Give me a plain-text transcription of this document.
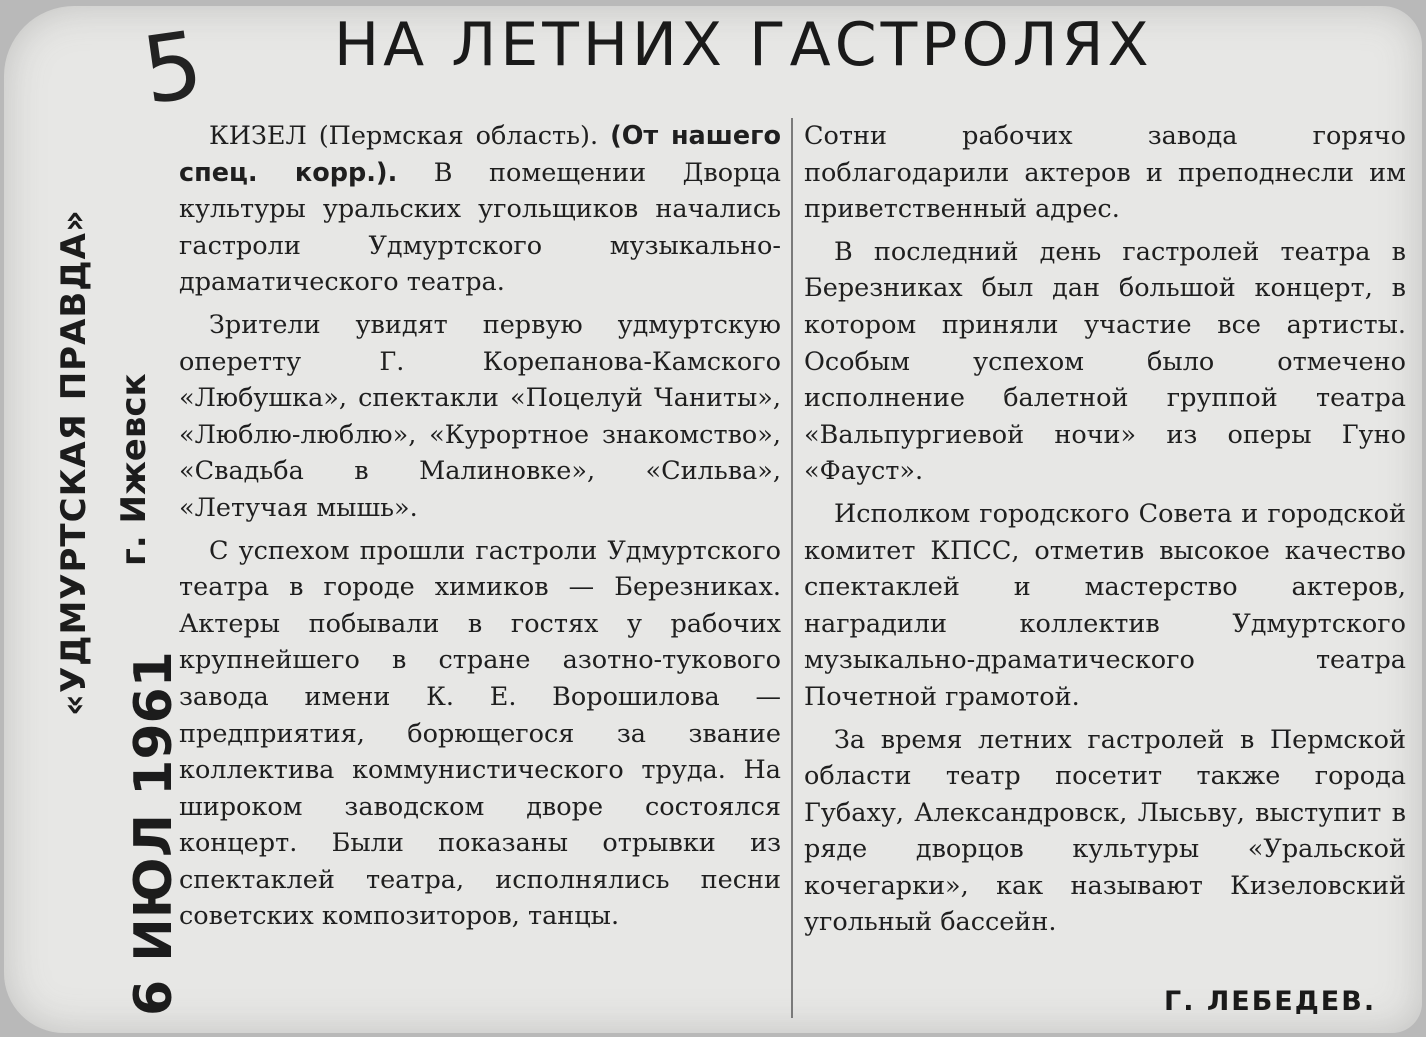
5 НА ЛЕТНИХ ГАСТРОЛЯХ
«УДМУРТСКАЯ ПРАВДА» г. Ижевск
6 ИЮЛ 1961

КИЗЕЛ (Пермская область). (От нашего спец. корр.). В помещении Дворца культуры уральских угольщиков начались гастроли Удмуртского музыкально-драматического театра.

Зрители увидят первую удмуртскую оперетту Г. Корепанова-Камского «Любушка», спектакли «Поцелуй Чаниты», «Люблю-люблю», «Курортное знакомство», «Свадьба в Малиновке», «Сильва», «Летучая мышь».

С успехом прошли гастроли Удмуртского театра в городе химиков — Березниках. Актеры побывали в гостях у рабочих крупнейшего в стране азотно-тукового завода имени К. Е. Ворошилова — предприятия, борющегося за звание коллектива коммунистического труда. На широком заводском дворе состоялся концерт. Были показаны отрывки из спектаклей театра, исполнялись песни советских композиторов, танцы.

Сотни рабочих завода горячо поблагодарили актеров и преподнесли им приветственный адрес.

В последний день гастролей театра в Березниках был дан большой концерт, в котором приняли участие все артисты. Особым успехом было отмечено исполнение балетной группой театра «Вальпургиевой ночи» из оперы Гуно «Фауст».

Исполком городского Совета и городской комитет КПСС, отметив высокое качество спектаклей и мастерство актеров, наградили коллектив Удмуртского музыкально-драматического театра Почетной грамотой.

За время летних гастролей в Пермской области театр посетит также города Губаху, Александровск, Лысьву, выступит в ряде дворцов культуры «Уральской кочегарки», как называют Кизеловский угольный бассейн.

Г. ЛЕБЕДЕВ.
